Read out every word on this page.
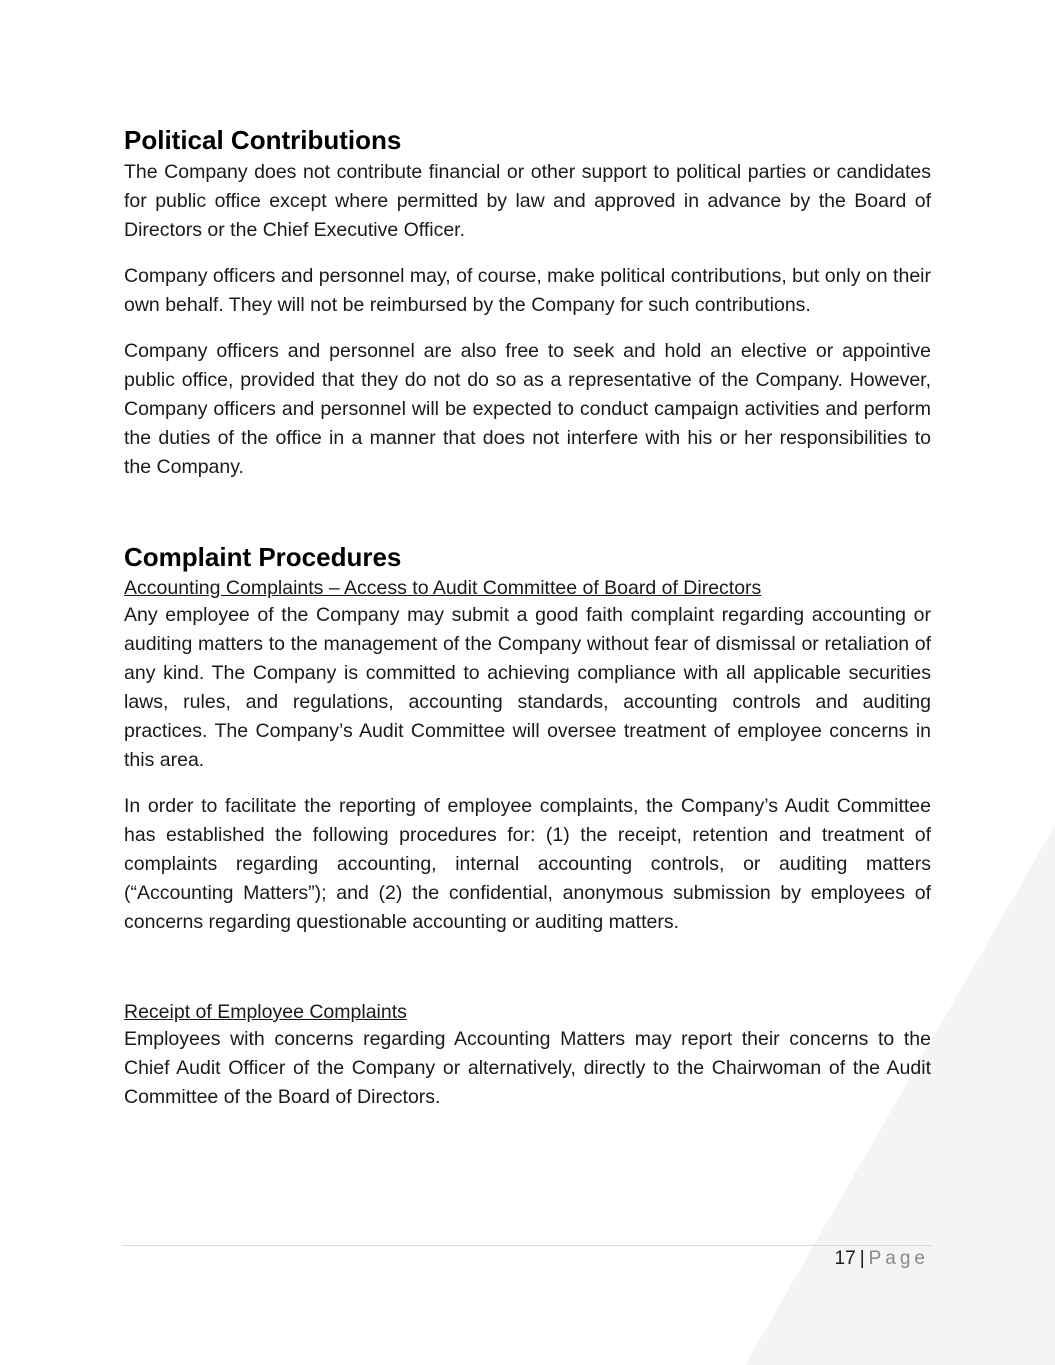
Political Contributions

The Company does not contribute financial or other support to political parties or candidates for public office except where permitted by law and approved in advance by the Board of Directors or the Chief Executive Officer.

Company officers and personnel may, of course, make political contributions, but only on their own behalf. They will not be reimbursed by the Company for such contributions.

Company officers and personnel are also free to seek and hold an elective or appointive public office, provided that they do not do so as a representative of the Company. However, Company officers and personnel will be expected to conduct campaign activities and perform the duties of the office in a manner that does not interfere with his or her responsibilities to the Company.

Complaint Procedures
Accounting Complaints – Access to Audit Committee of Board of Directors

Any employee of the Company may submit a good faith complaint regarding accounting or auditing matters to the management of the Company without fear of dismissal or retaliation of any kind. The Company is committed to achieving compliance with all applicable securities laws, rules, and regulations, accounting standards, accounting controls and auditing practices. The Company’s Audit Committee will oversee treatment of employee concerns in this area.

In order to facilitate the reporting of employee complaints, the Company’s Audit Committee has established the following procedures for: (1) the receipt, retention and treatment of complaints regarding accounting, internal accounting controls, or auditing matters (“Accounting Matters”); and (2) the confidential, anonymous submission by employees of concerns regarding questionable accounting or auditing matters.

Receipt of Employee Complaints

Employees with concerns regarding Accounting Matters may report their concerns to the Chief Audit Officer of the Company or alternatively, directly to the Chairwoman of the Audit Committee of the Board of Directors.

17 | Page
